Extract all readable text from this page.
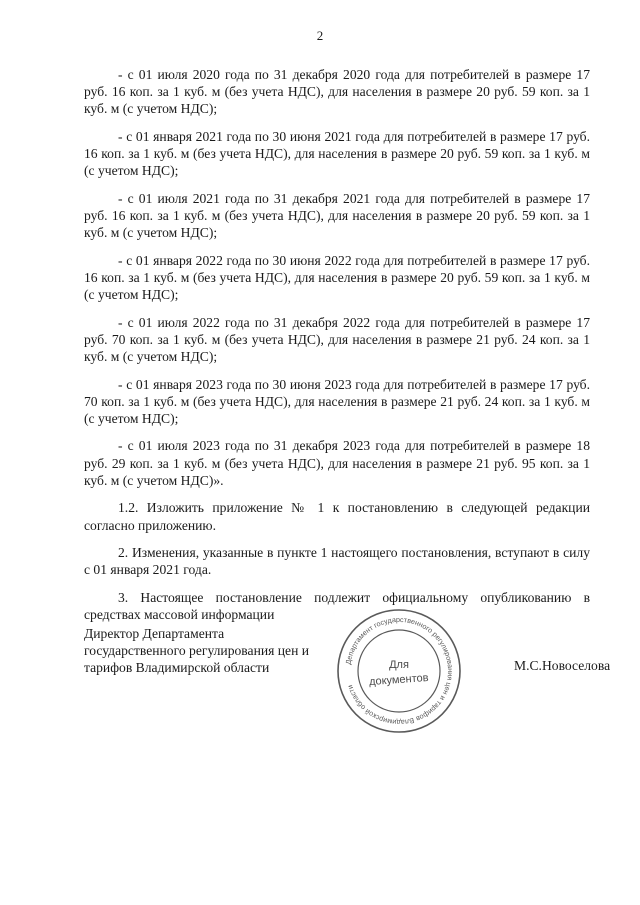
2

- с 01 июля 2020 года по 31 декабря 2020 года для потребителей в размере 17 руб. 16 коп. за 1 куб. м (без учета НДС), для населения в размере 20 руб. 59 коп. за 1 куб. м (с учетом НДС);

- с 01 января 2021 года по 30 июня 2021 года для потребителей в размере 17 руб. 16 коп. за 1 куб. м (без учета НДС), для населения в размере 20 руб. 59 коп. за 1 куб. м (с учетом НДС);

- с 01 июля 2021 года по 31 декабря 2021 года для потребителей в размере 17 руб. 16 коп. за 1 куб. м (без учета НДС), для населения в размере 20 руб. 59 коп. за 1 куб. м (с учетом НДС);

- с 01 января 2022 года по 30 июня 2022 года для потребителей в размере 17 руб. 16 коп. за 1 куб. м (без учета НДС), для населения в размере 20 руб. 59 коп. за 1 куб. м (с учетом НДС);

- с 01 июля 2022 года по 31 декабря 2022 года для потребителей в размере 17 руб. 70 коп. за 1 куб. м (без учета НДС), для населения в размере 21 руб. 24 коп. за 1 куб. м (с учетом НДС);

- с 01 января 2023 года по 30 июня 2023 года для потребителей в размере 17 руб. 70 коп. за 1 куб. м (без учета НДС), для населения в размере 21 руб. 24 коп. за 1 куб. м (с учетом НДС);

- с 01 июля 2023 года по 31 декабря 2023 года для потребителей в размере 18 руб. 29 коп. за 1 куб. м (без учета НДС), для населения в размере 21 руб. 95 коп. за 1 куб. м (с учетом НДС)».

1.2. Изложить приложение № 1 к постановлению в следующей редакции согласно приложению.

2. Изменения, указанные в пункте 1 настоящего постановления, вступают в силу с 01 января 2021 года.

3. Настоящее постановление подлежит официальному опубликованию в средствах массовой информации

Директор Департамента
государственного регулирования цен и
тарифов Владимирской области	Департамент государственного регулирования цен и тарифов Владимирской области
Для
документов
М.С.Новоселова
